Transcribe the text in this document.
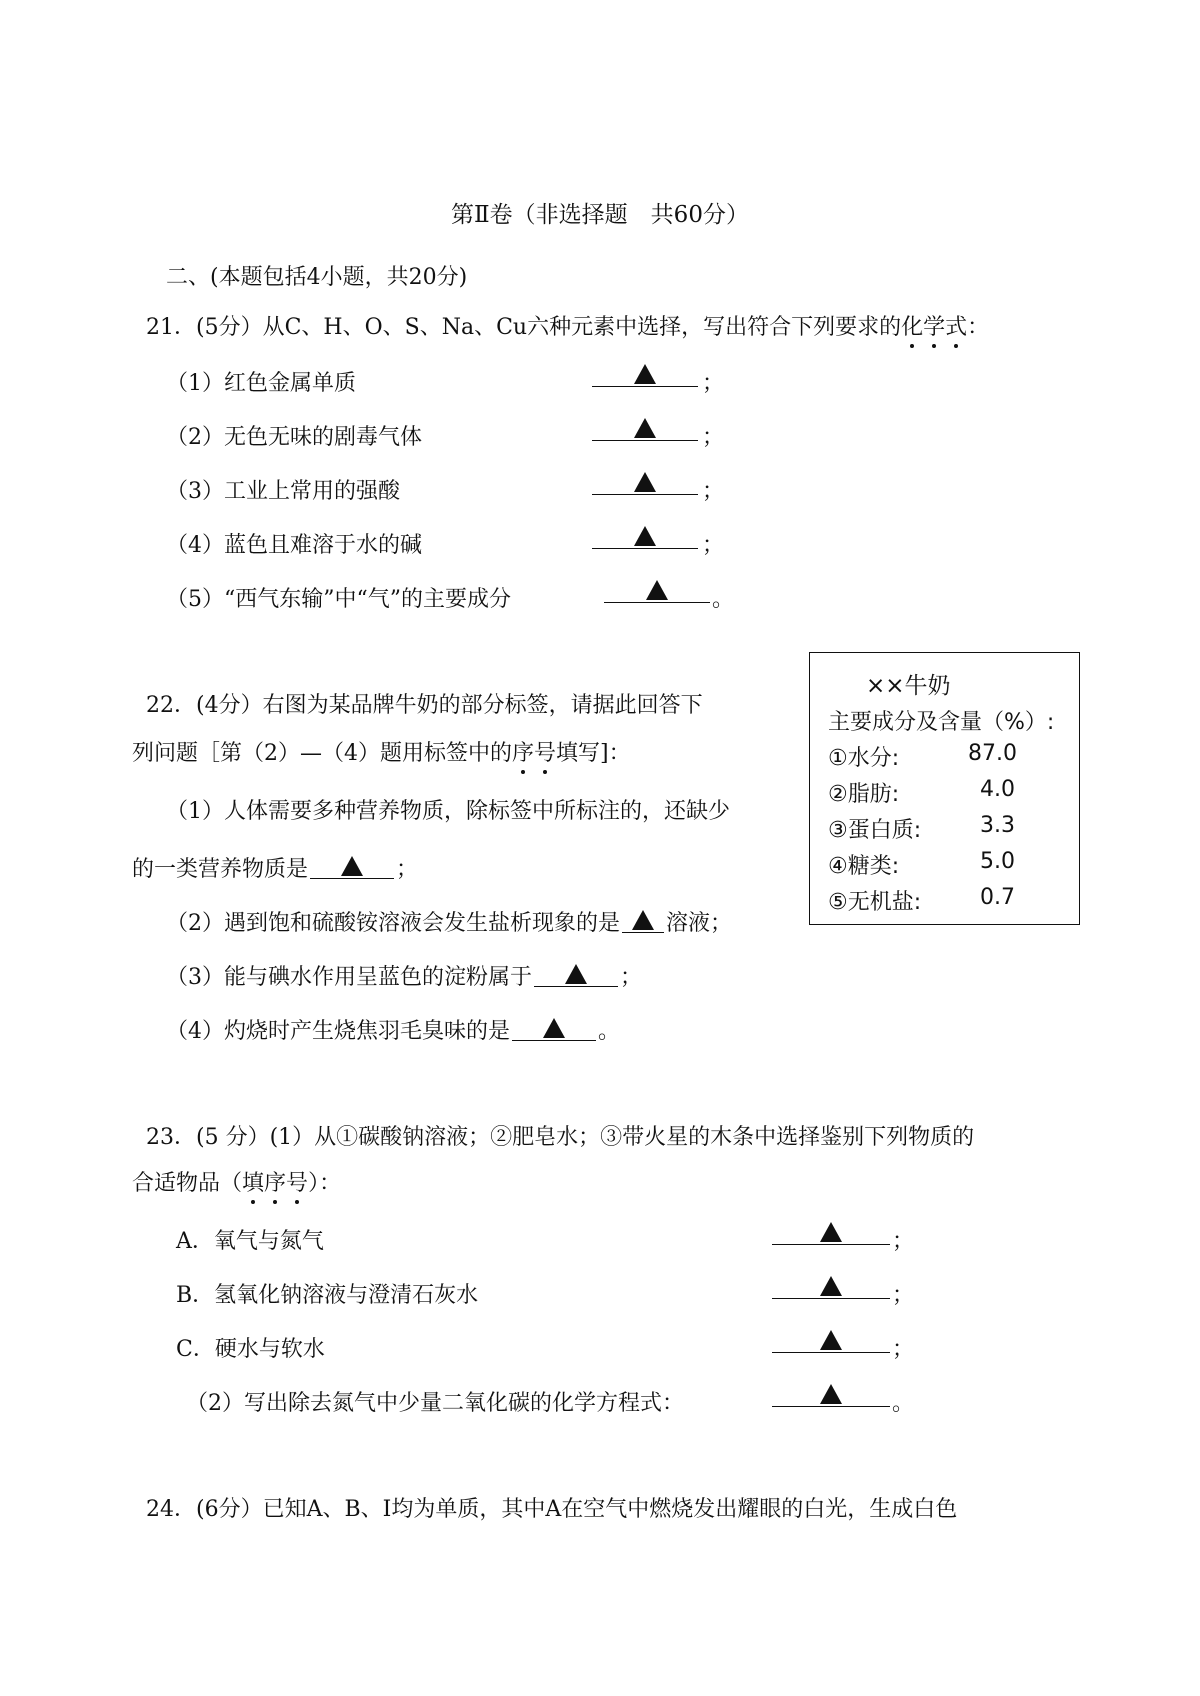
第Ⅱ卷（非选择题　共60分）
二、(本题包括4小题，共20分)
21．(5分）从C、H、O、S、Na、Cu六种元素中选择，写出符合下列要求的化学式：
（1）红色金属单质	；
（2）无色无味的剧毒气体	；
（3）工业上常用的强酸	；
（4）蓝色且难溶于水的碱	；
（5）“西气东输”中“气”的主要成分	。
22．(4分）右图为某品牌牛奶的部分标签，请据此回答下
列问题［第（2）—（4）题用标签中的序号填写]：
（1）人体需要多种营养物质，除标签中所标注的，还缺少
的一类营养物质是	；
（2）遇到饱和硫酸铵溶液会发生盐析现象的是 溶液；
（3）能与碘水作用呈蓝色的淀粉属于	；
（4）灼烧时产生烧焦羽毛臭味的是	。
××牛奶
主要成分及含量（%）:
①水分:	87.0
②脂肪:	4.0
③蛋白质:	3.3
④糖类:	5.0
⑤无机盐:	0.7
23．(5 分）(1）从①碳酸钠溶液；②肥皂水；③带火星的木条中选择鉴别下列物质的
合适物品（填序号）：
A．氧气与氮气	；
B．氢氧化钠溶液与澄清石灰水	；
C．硬水与软水	；
（2）写出除去氮气中少量二氧化碳的化学方程式：	。
24．(6分）已知A、B、I均为单质，其中A在空气中燃烧发出耀眼的白光，生成白色
